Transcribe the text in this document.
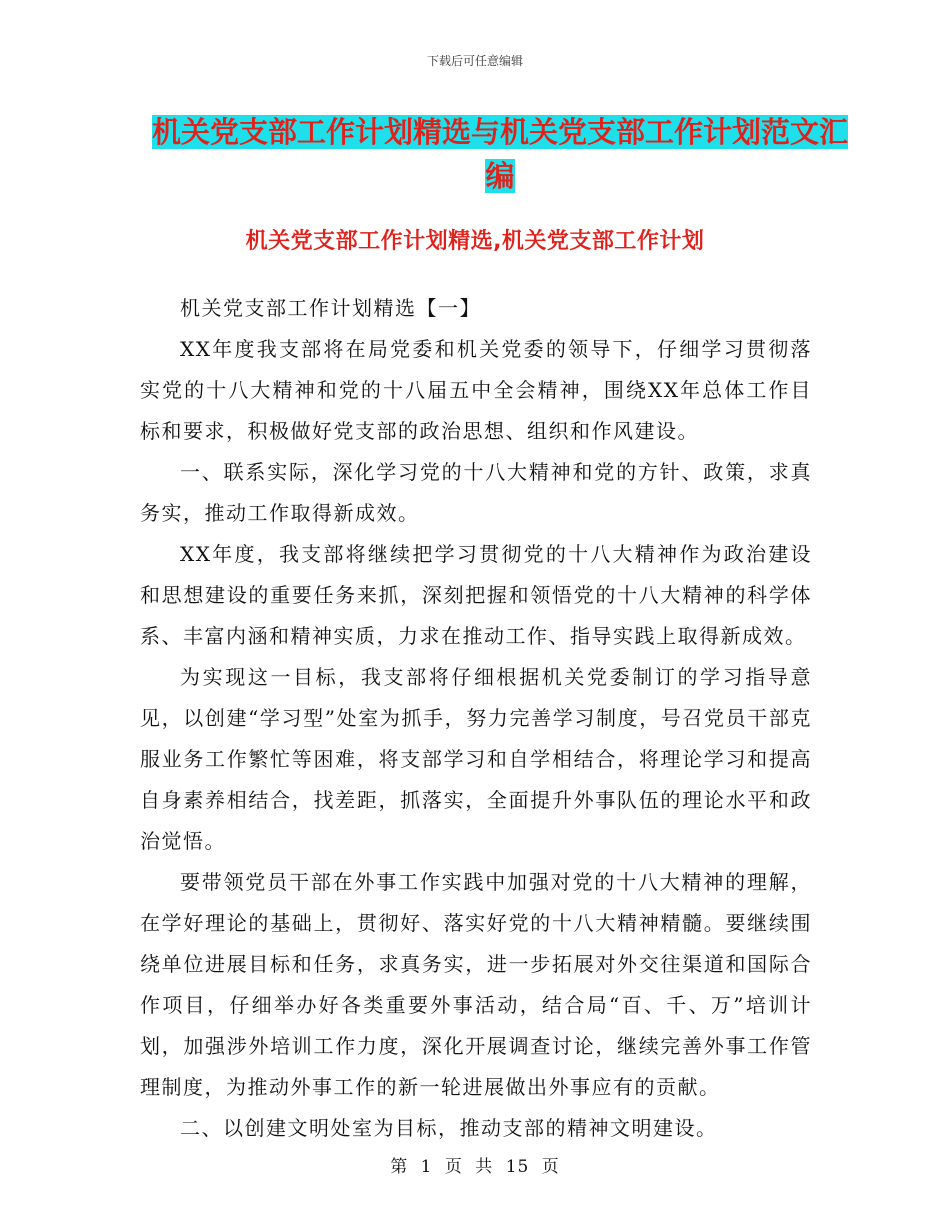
下载后可任意编辑
机关党支部工作计划精选与机关党支部工作计划范文汇编
机关党支部工作计划精选,机关党支部工作计划

机关党支部工作计划精选【一】

XX年度我支部将在局党委和机关党委的领导下，仔细学习贯彻落实党的十八大精神和党的十八届五中全会精神，围绕XX年总体工作目标和要求，积极做好党支部的政治思想、组织和作风建设。

一、联系实际，深化学习党的十八大精神和党的方针、政策，求真务实，推动工作取得新成效。

XX年度，我支部将继续把学习贯彻党的十八大精神作为政治建设和思想建设的重要任务来抓，深刻把握和领悟党的十八大精神的科学体系、丰富内涵和精神实质，力求在推动工作、指导实践上取得新成效。

为实现这一目标，我支部将仔细根据机关党委制订的学习指导意见，以创建“学习型”处室为抓手，努力完善学习制度，号召党员干部克服业务工作繁忙等困难，将支部学习和自学相结合，将理论学习和提高自身素养相结合，找差距，抓落实，全面提升外事队伍的理论水平和政治觉悟。

要带领党员干部在外事工作实践中加强对党的十八大精神的理解，在学好理论的基础上，贯彻好、落实好党的十八大精神精髓。要继续围绕单位进展目标和任务，求真务实，进一步拓展对外交往渠道和国际合作项目，仔细举办好各类重要外事活动，结合局“百、千、万”培训计划，加强涉外培训工作力度，深化开展调查讨论，继续完善外事工作管理制度，为推动外事工作的新一轮进展做出外事应有的贡献。

二、以创建文明处室为目标，推动支部的精神文明建设。

第 1 页 共 15 页
